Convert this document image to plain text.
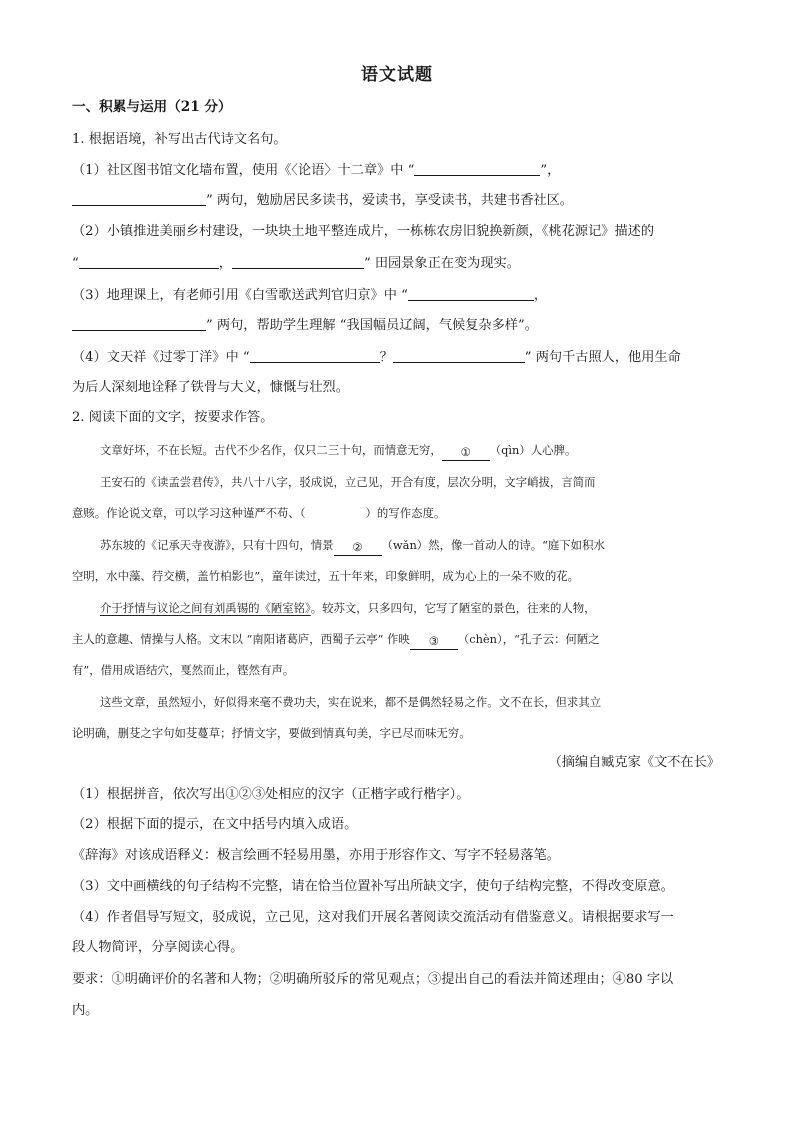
语文试题
一、积累与运用（21 分）
1. 根据语境，补写出古代诗文名句。
（1）社区图书馆文化墙布置，使用《〈论语〉十二章》中 “	”，
” 两句，勉励居民多读书，爱读书，享受读书，共建书香社区。
（2）小镇推进美丽乡村建设，一块块土地平整连成片，一栋栋农房旧貌换新颜，《桃花源记》描述的
“	，	” 田园景象正在变为现实。
（3）地理课上，有老师引用《白雪歌送武判官归京》中 “	，
” 两句，帮助学生理解 “我国幅员辽阔，气候复杂多样”。
（4）文天祥《过零丁洋》中 “	？	” 两句千古照人，他用生命
为后人深刻地诠释了铁骨与大义，慷慨与壮烈。
2. 阅读下面的文字，按要求作答。
文章好坏，不在长短。古代不少名作，仅只二三十句，而情意无穷， ① （qìn）人心脾。
王安石的《读孟尝君传》，共八十八字，驳成说，立己见，开合有度，层次分明，文字峭拔，言简而
意赅。作论说文章，可以学习这种谨严不苟、（	）的写作态度。
苏东坡的《记承天寺夜游》，只有十四句，情景 ② （wǎn）然，像一首动人的诗。“庭下如积水
空明，水中藻、荇交横，盖竹柏影也”，童年读过，五十年来，印象鲜明，成为心上的一朵不败的花。
介于抒情与议论之间有刘禹锡的《陋室铭》。较苏文，只多四句，它写了陋室的景色，往来的人物，
主人的意趣、情操与人格。文末以 “南阳诸葛庐，西蜀子云亭” 作映 ③ （chèn），“孔子云：何陋之
有”，借用成语结穴，戛然而止，铿然有声。
这些文章，虽然短小，好似得来毫不费功夫，实在说来，都不是偶然轻易之作。文不在长，但求其立
论明确，删芟之字句如芟蔓草；抒情文字，要做到情真句美，字已尽而味无穷。
（摘编自臧克家《文不在长》
（1）根据拼音，依次写出①②③处相应的汉字（正楷字或行楷字）。
（2）根据下面的提示，在文中括号内填入成语。
《辞海》对该成语释义：极言绘画不轻易用墨，亦用于形容作文、写字不轻易落笔。
（3）文中画横线的句子结构不完整，请在恰当位置补写出所缺文字，使句子结构完整，不得改变原意。
（4）作者倡导写短文，驳成说，立己见，这对我们开展名著阅读交流活动有借鉴意义。请根据要求写一
段人物简评，分享阅读心得。
要求：①明确评价的名著和人物；②明确所驳斥的常见观点；③提出自己的看法并简述理由；④80 字以
内。
